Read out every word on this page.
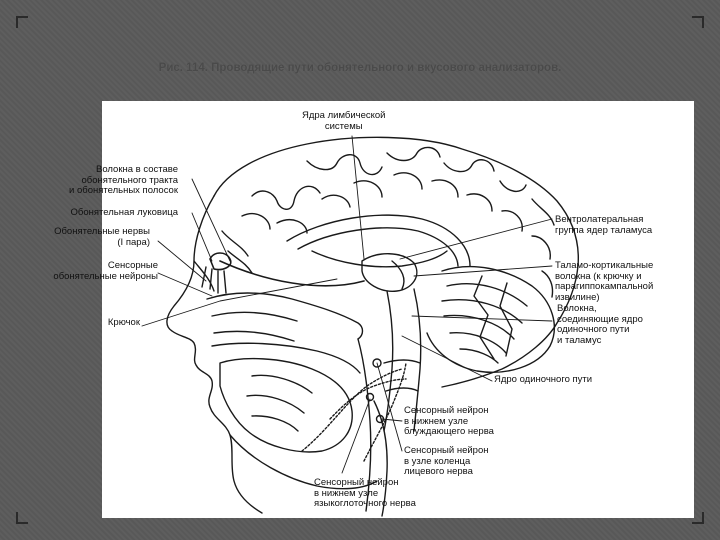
Рис. 114. Проводящие пути обонятельного и вкусового анализаторов.
Ядра лимбической
системы
Волокна в составе
обонятельного тракта
и обонятельных полосок
Обонятельная луковица
Обонятельные нервы
(I пара)
Сенсорные
обонятельные нейроны
Крючок
Вентролатеральная
группа ядер таламуса
Таламо-кортикальные
волокна (к крючку и
парагиппокампальной
извилине)
Волокна,
соединяющие ядро
одиночного пути
и таламус
Ядро одиночного пути
Сенсорный нейрон
в нижнем узле
блуждающего нерва
Сенсорный нейрон
в узле коленца
лицевого нерва
Сенсорный нейрон
в нижнем узле
языкоглоточного нерва
